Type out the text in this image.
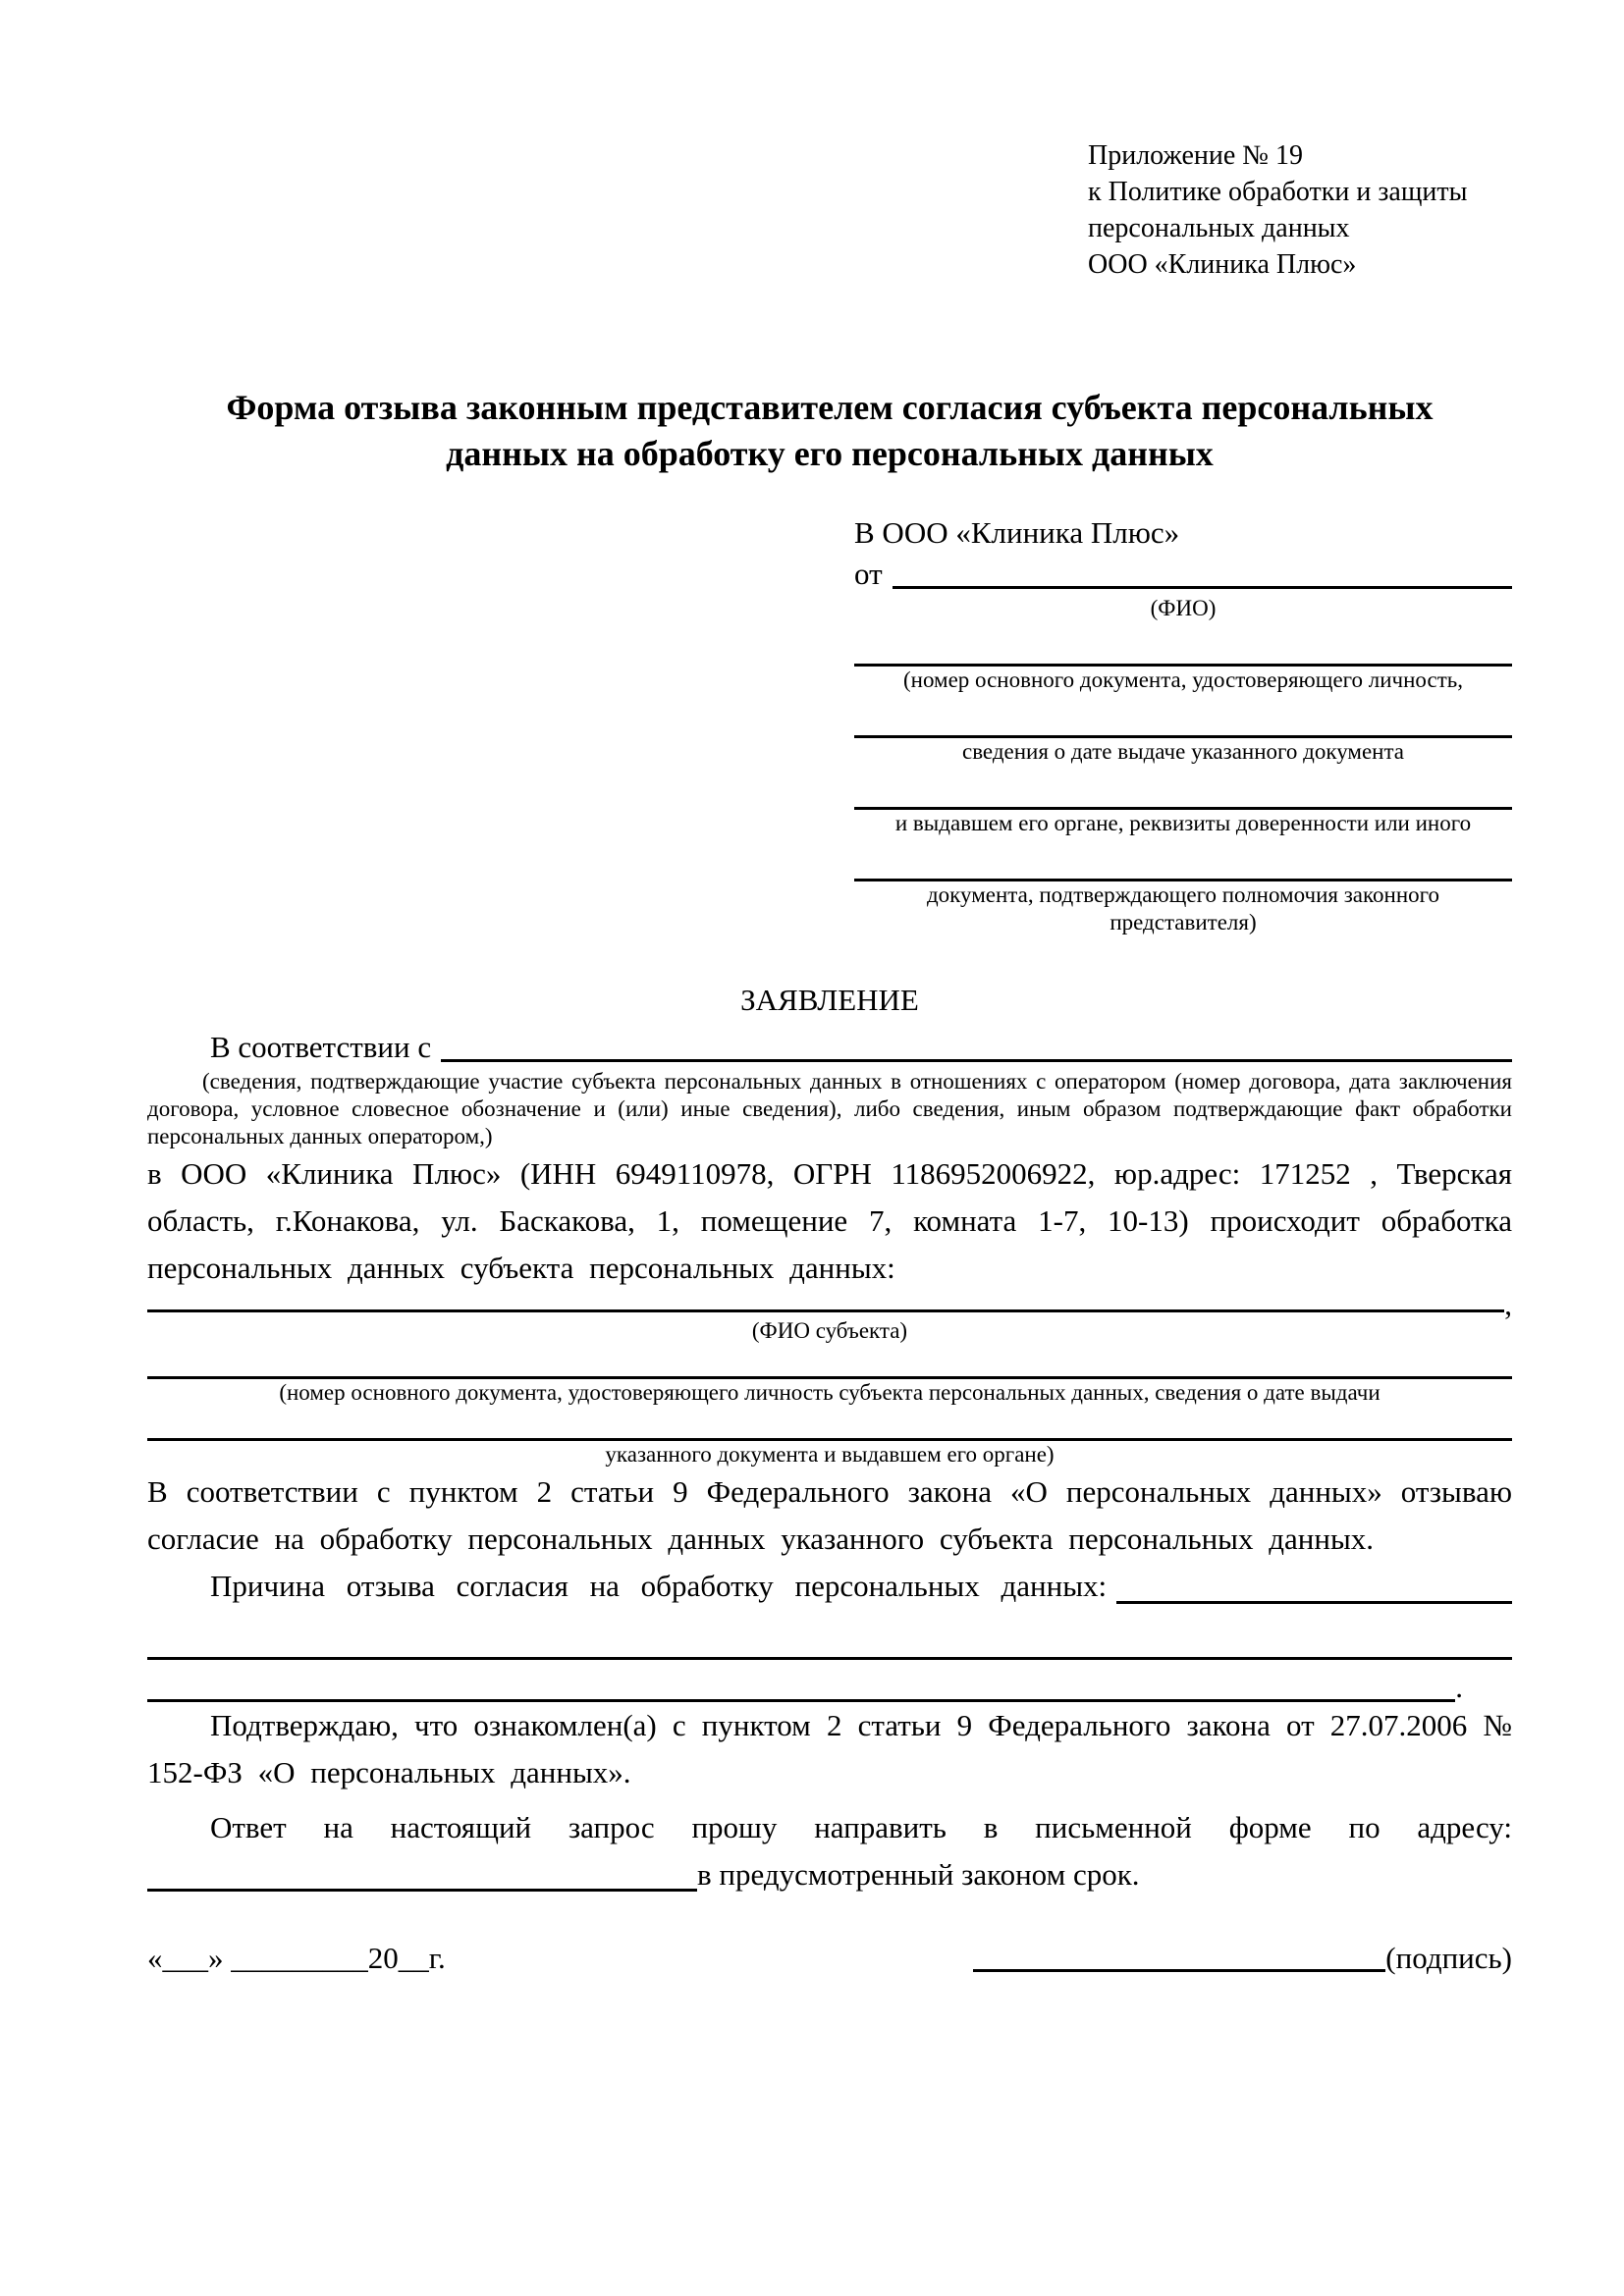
Приложение № 19
к Политике обработки и защиты
персональных данных
ООО «Клиника Плюс»
Форма отзыва законным представителем согласия субъекта персональных данных на обработку его персональных данных
В ООО «Клиника Плюс»
от
(ФИО)
(номер основного документа, удостоверяющего личность,
сведения о дате выдаче указанного документа
и выдавшем его органе, реквизиты доверенности или иного
документа, подтверждающего полномочия законного представителя)
ЗАЯВЛЕНИЕ
В соответствии с
(сведения, подтверждающие участие субъекта персональных данных в отношениях с оператором (номер договора, дата заключения договора, условное словесное обозначение и (или) иные сведения), либо сведения, иным образом подтверждающие факт обработки персональных данных оператором,)
в ООО «Клиника Плюс» (ИНН 6949110978, ОГРН 1186952006922, юр.адрес: 171252 , Тверская область, г.Конакова, ул. Баскакова, 1, помещение 7, комната 1-7, 10-13) происходит обработка персональных данных субъекта персональных данных:
,
(ФИО субъекта)
(номер основного документа, удостоверяющего личность субъекта персональных данных, сведения о дате выдачи
указанного документа и выдавшем его органе)
В соответствии с пунктом 2 статьи 9 Федерального закона «О персональных данных» отзываю согласие на обработку персональных данных указанного субъекта персональных данных.
Причина отзыва согласия на обработку персональных данных:
.
Подтверждаю, что ознакомлен(а) с пунктом 2 статьи 9 Федерального закона от 27.07.2006 № 152-ФЗ «О персональных данных».
Ответ на настоящий запрос прошу направить в письменной форме по адресу:
в предусмотренный законом срок.
«___» _________20__г.	(подпись)
